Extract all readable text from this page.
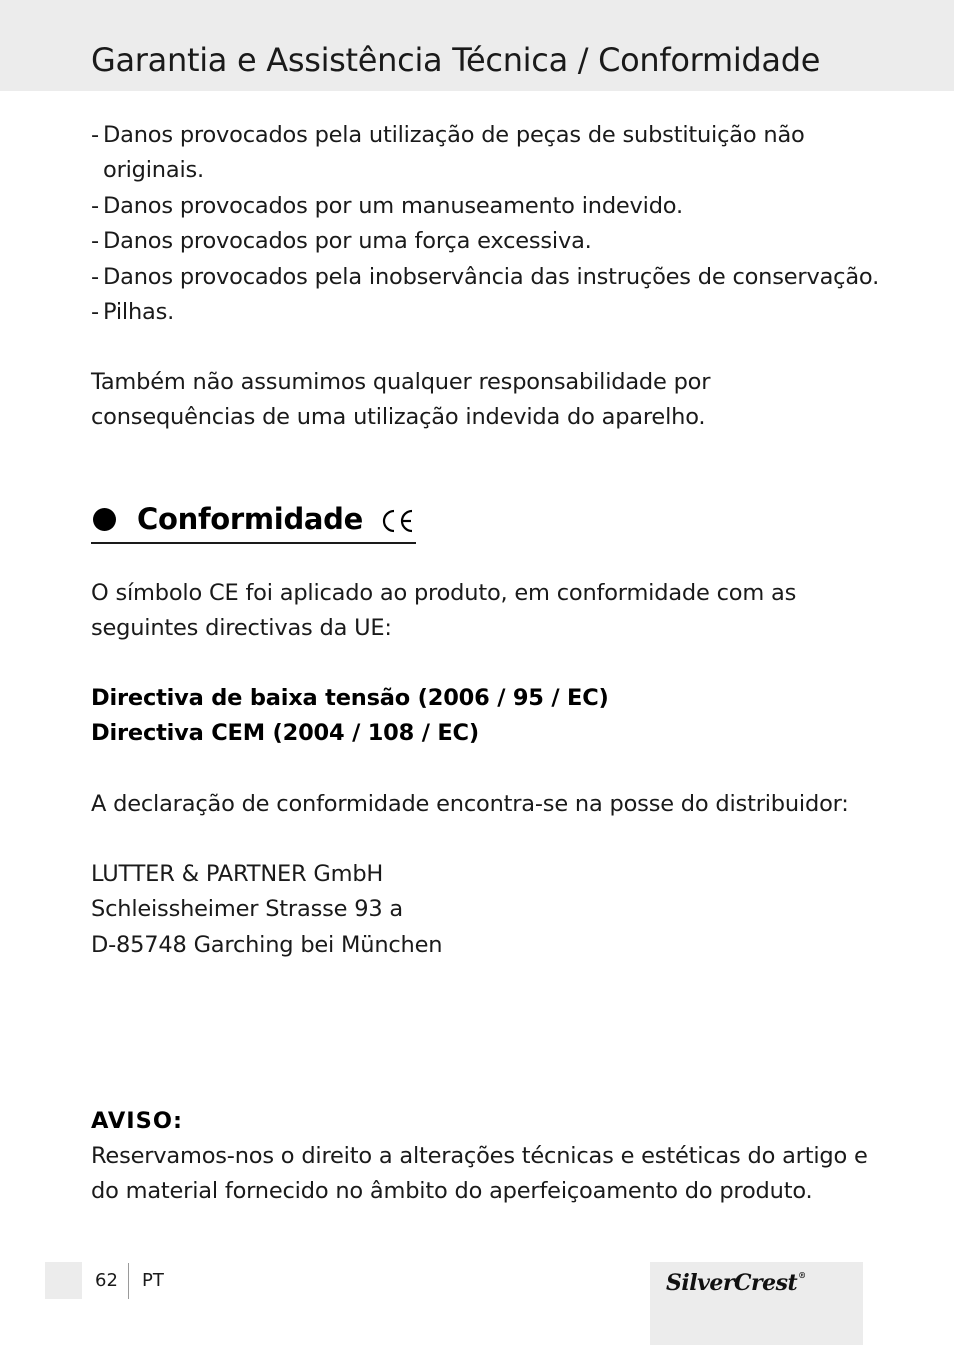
Garantia e Assistência Técnica / Conformidade
- Danos provocados pela utilização de peças de substituição não originais.
- Danos provocados por um manuseamento indevido.
- Danos provocados por uma força excessiva.
- Danos provocados pela inobservância das instruções de conservação.
- Pilhas.

Também não assumimos qualquer responsabilidade por consequências de uma utilização indevida do aparelho.

Conformidade

O símbolo CE foi aplicado ao produto, em conformidade com as seguintes directivas da UE:

Directiva de baixa tensão (2006 / 95 / EC)
Directiva CEM (2004 / 108 / EC)

A declaração de conformidade encontra-se na posse do distribuidor:

LUTTER & PARTNER GmbH
Schleissheimer Strasse 93 a
D-85748 Garching bei München
AVISO:

Reservamos-nos o direito a alterações técnicas e estéticas do artigo e do material fornecido no âmbito do aperfeiçoamento do produto.

62 PT	SilverCrest®
